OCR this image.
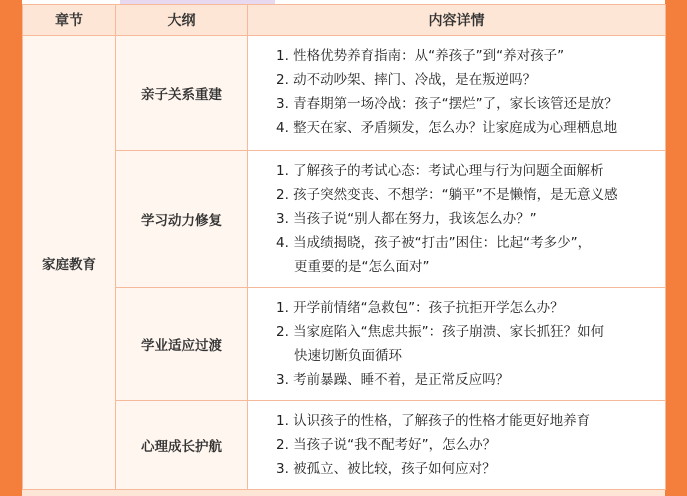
章节	大纲	内容详情
家庭教育	亲子关系重建	1. 性格优势养育指南：从“养孩子”到“养对孩子”
2. 动不动吵架、摔门、冷战，是在叛逆吗？
3. 青春期第一场冷战：孩子“摆烂”了，家长该管还是放？
4. 整天在家、矛盾频发，怎么办？让家庭成为心理栖息地

	学习动力修复	1. 了解孩子的考试心态：考试心理与行为问题全面解析
2. 孩子突然变丧、不想学：“躺平”不是懒惰，是无意义感
3. 当孩子说“别人都在努力，我该怎么办？”
4. 当成绩揭晓，孩子被“打击”困住：比起“考多少”，
更重要的是“怎么面对”

	学业适应过渡	1. 开学前情绪“急救包”：孩子抗拒开学怎么办？
2. 当家庭陷入“焦虑共振”：孩子崩溃、家长抓狂？如何
快速切断负面循环
3. 考前暴躁、睡不着，是正常反应吗？

	心理成长护航	1. 认识孩子的性格，了解孩子的性格才能更好地养育
2. 当孩子说“我不配考好”，怎么办？
3. 被孤立、被比较，孩子如何应对？
